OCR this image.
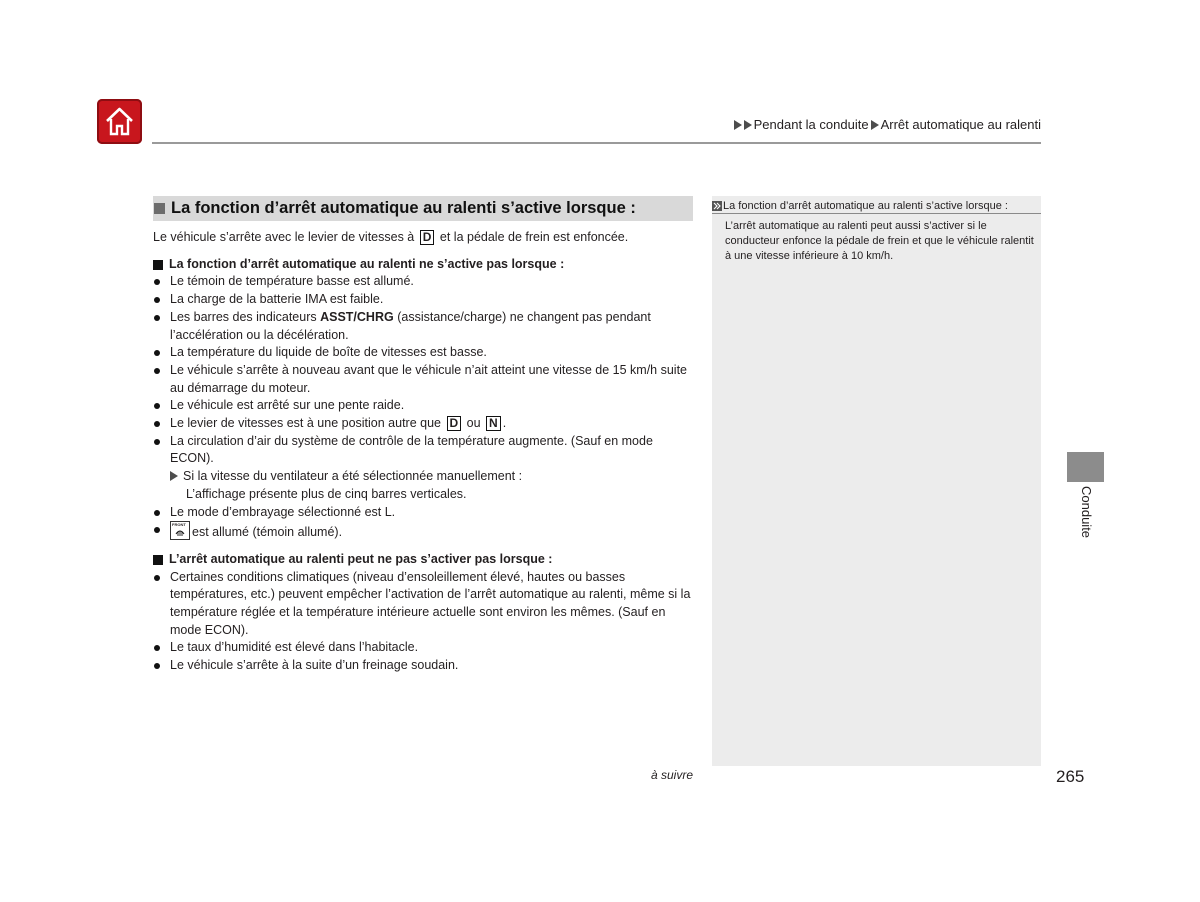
Pendant la conduite Arrêt automatique au ralenti
La fonction d’arrêt automatique au ralenti s’active lorsque :

Le véhicule s’arrête avec le levier de vitesses à D et la pédale de frein est enfoncée.

La fonction d’arrêt automatique au ralenti ne s’active pas lorsque :
Le témoin de température basse est allumé.
La charge de la batterie IMA est faible.
Les barres des indicateurs ASST/CHRG (assistance/charge) ne changent pas pendant l’accélération ou la décélération.
La température du liquide de boîte de vitesses est basse.
Le véhicule s’arrête à nouveau avant que le véhicule n’ait atteint une vitesse de 15 km/h suite au démarrage du moteur.
Le véhicule est arrêté sur une pente raide.
Le levier de vitesses est à une position autre que D ou N .
La circulation d’air du système de contrôle de la température augmente. (Sauf en mode ECON).
Si la vitesse du ventilateur a été sélectionnée manuellement :
L’affichage présente plus de cinq barres verticales.
Le mode d’embrayage sélectionné est L.
FRONT
est allumé (témoin allumé).
L’arrêt automatique au ralenti peut ne pas s’activer pas lorsque :
Certaines conditions climatiques (niveau d’ensoleillement élevé, hautes ou basses températures, etc.) peuvent empêcher l’activation de l’arrêt automatique au ralenti, même si la température réglée et la température intérieure actuelle sont environ les mêmes. (Sauf en mode ECON).
Le taux d’humidité est élevé dans l’habitacle.
Le véhicule s’arrête à la suite d’un freinage soudain.
La fonction d’arrêt automatique au ralenti s’active lorsque :

L’arrêt automatique au ralenti peut aussi s’activer si le conducteur enfonce la pédale de frein et que le véhicule ralentit à une vitesse inférieure à 10 km/h.

Conduite
à suivre	265
